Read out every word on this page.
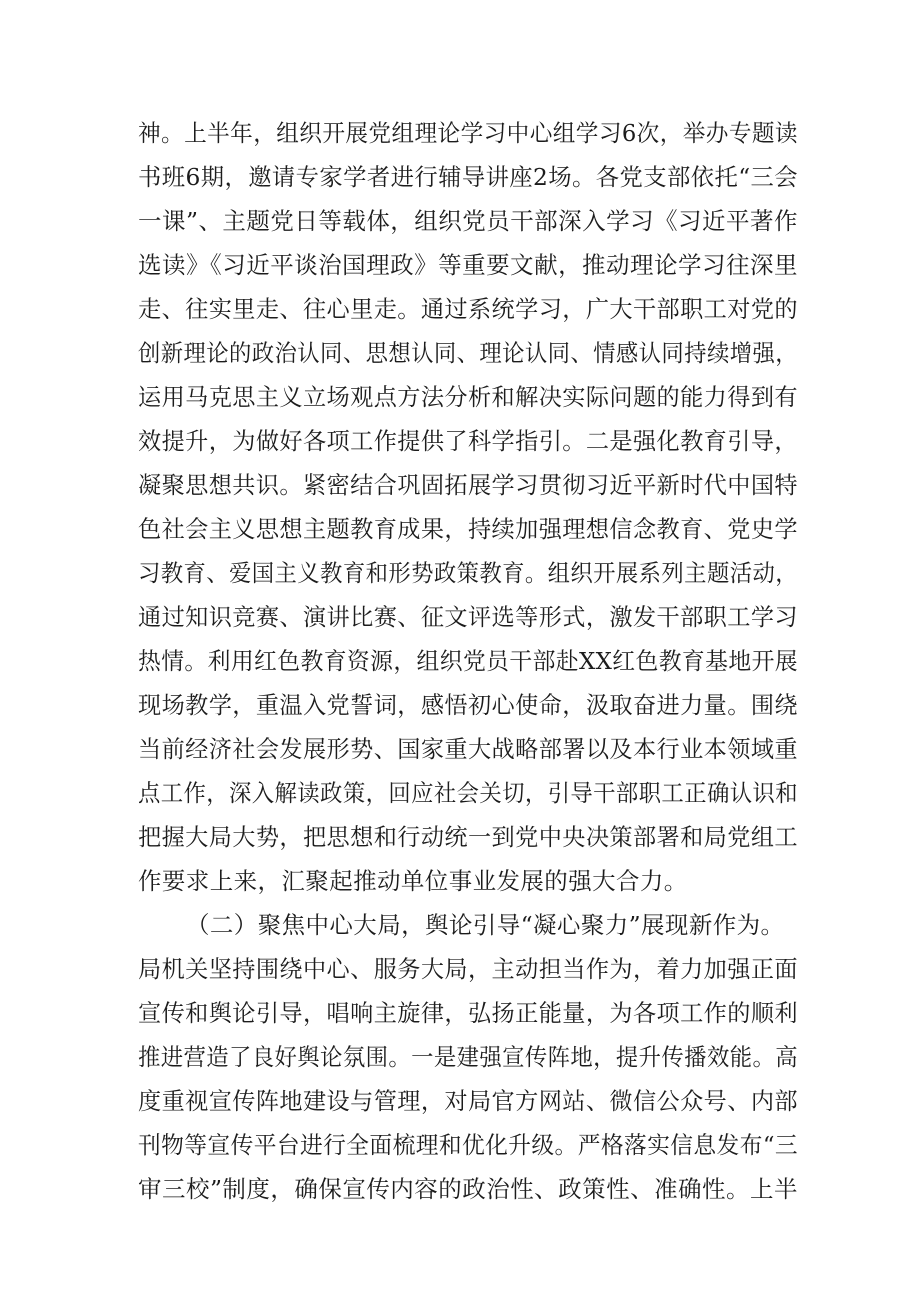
神。上半年，组织开展党组理论学习中心组学习6次，举办专题读
书班6期，邀请专家学者进行辅导讲座2场。各党支部依托“三会
一课”、主题党日等载体，组织党员干部深入学习《习近平著作
选读》《习近平谈治国理政》等重要文献，推动理论学习往深里
走、往实里走、往心里走。通过系统学习，广大干部职工对党的
创新理论的政治认同、思想认同、理论认同、情感认同持续增强，
运用马克思主义立场观点方法分析和解决实际问题的能力得到有
效提升，为做好各项工作提供了科学指引。二是强化教育引导，
凝聚思想共识。紧密结合巩固拓展学习贯彻习近平新时代中国特
色社会主义思想主题教育成果，持续加强理想信念教育、党史学
习教育、爱国主义教育和形势政策教育。组织开展系列主题活动，
通过知识竞赛、演讲比赛、征文评选等形式，激发干部职工学习
热情。利用红色教育资源，组织党员干部赴XX红色教育基地开展
现场教学，重温入党誓词，感悟初心使命，汲取奋进力量。围绕
当前经济社会发展形势、国家重大战略部署以及本行业本领域重
点工作，深入解读政策，回应社会关切，引导干部职工正确认识和
把握大局大势，把思想和行动统一到党中央决策部署和局党组工
作要求上来，汇聚起推动单位事业发展的强大合力。
（二）聚焦中心大局，舆论引导“凝心聚力”展现新作为。
局机关坚持围绕中心、服务大局，主动担当作为，着力加强正面
宣传和舆论引导，唱响主旋律，弘扬正能量，为各项工作的顺利
推进营造了良好舆论氛围。一是建强宣传阵地，提升传播效能。高
度重视宣传阵地建设与管理，对局官方网站、微信公众号、内部
刊物等宣传平台进行全面梳理和优化升级。严格落实信息发布“三
审三校”制度，确保宣传内容的政治性、政策性、准确性。上半
